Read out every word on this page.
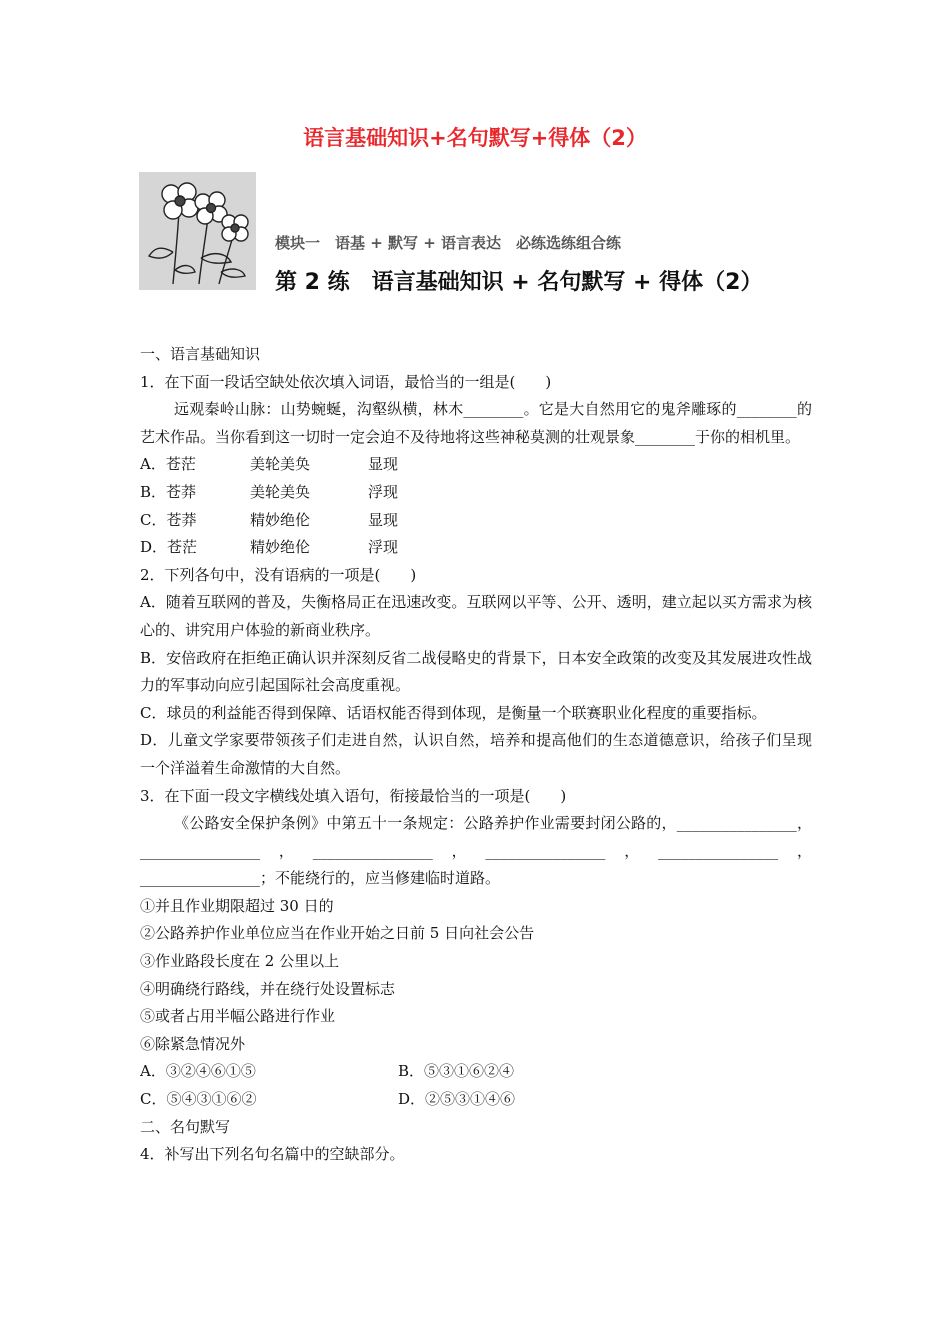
语言基础知识+名句默写+得体（2）
模块一　语基 + 默写 + 语言表达　必练选练组合练
第 2 练　语言基础知识 + 名句默写 + 得体（2）

一、语言基础知识

1．在下面一段话空缺处依次填入词语，最恰当的一组是(　　)

远观秦岭山脉：山势蜿蜒，沟壑纵横，林木________。它是大自然用它的鬼斧雕琢的________的艺术作品。当你看到这一切时一定会迫不及待地将这些神秘莫测的壮观景象________于你的相机里。

A．苍茫	美轮美奂	显现
B．苍莽	美轮美奂	浮现
C．苍莽	精妙绝伦	显现
D．苍茫	精妙绝伦	浮现

2．下列各句中，没有语病的一项是(　　)

A．随着互联网的普及，失衡格局正在迅速改变。互联网以平等、公开、透明，建立起以买方需求为核心的、讲究用户体验的新商业秩序。

B．安倍政府在拒绝正确认识并深刻反省二战侵略史的背景下，日本安全政策的改变及其发展进攻性战力的军事动向应引起国际社会高度重视。

C．球员的利益能否得到保障、话语权能否得到体现，是衡量一个联赛职业化程度的重要指标。

D．儿童文学家要带领孩子们走进自然，认识自然，培养和提高他们的生态道德意识，给孩子们呈现一个洋溢着生命激情的大自然。

3．在下面一段文字横线处填入语句，衔接最恰当的一项是(　　)

《公路安全保护条例》中第五十一条规定：公路养护作业需要封闭公路的，________________，________________，________________，________________，________________，________________；不能绕行的，应当修建临时道路。

①并且作业期限超过 30 日的

②公路养护作业单位应当在作业开始之日前 5 日向社会公告

③作业路段长度在 2 公里以上

④明确绕行路线，并在绕行处设置标志

⑤或者占用半幅公路进行作业

⑥除紧急情况外

A．③②④⑥①⑤	B．⑤③①⑥②④
C．⑤④③①⑥②	D．②⑤③①④⑥

二、名句默写

4．补写出下列名句名篇中的空缺部分。
